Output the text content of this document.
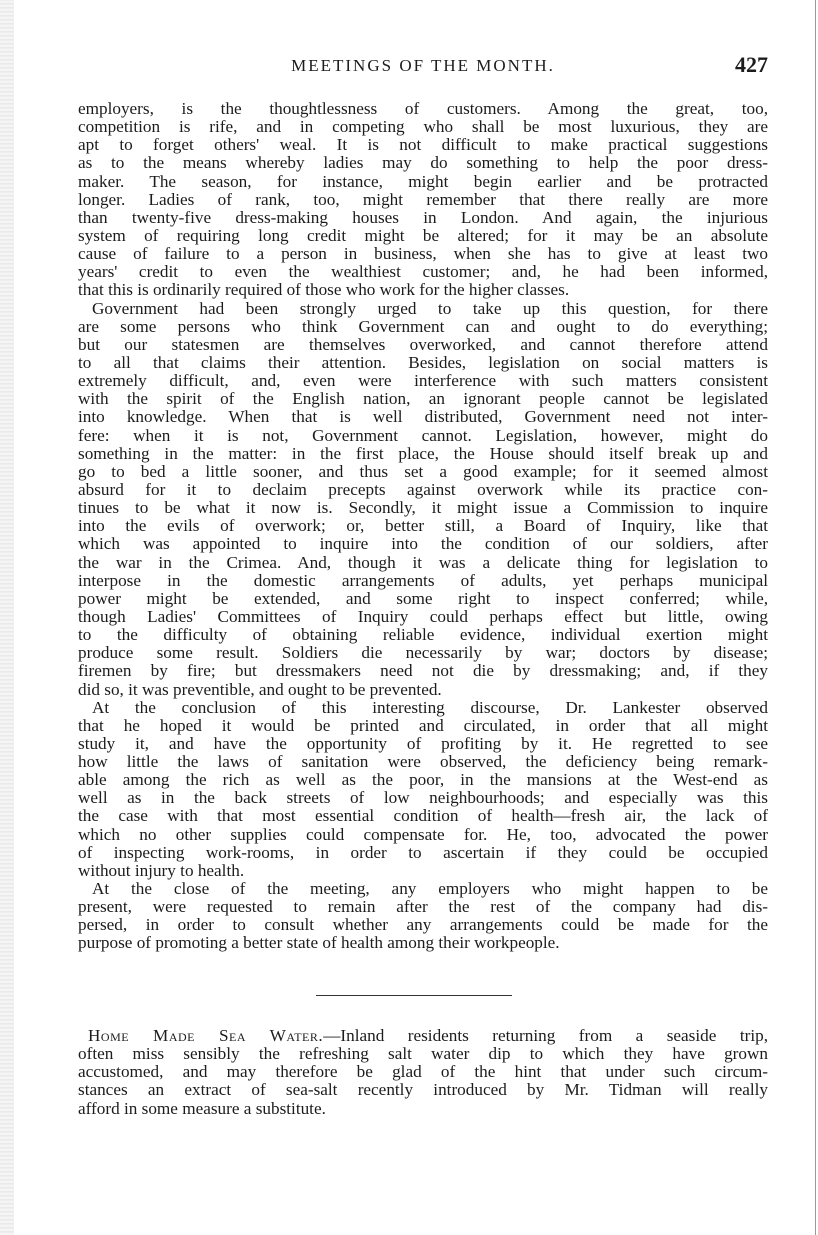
MEETINGS OF THE MONTH.	427
employers, is the thoughtlessness of customers. Among the great, too,
competition is rife, and in competing who shall be most luxurious, they are
apt to forget others' weal. It is not difficult to make practical suggestions
as to the means whereby ladies may do something to help the poor dress-
maker. The season, for instance, might begin earlier and be protracted
longer. Ladies of rank, too, might remember that there really are more
than twenty-five dress-making houses in London. And again, the injurious
system of requiring long credit might be altered; for it may be an absolute
cause of failure to a person in business, when she has to give at least two
years' credit to even the wealthiest customer; and, he had been informed,
that this is ordinarily required of those who work for the higher classes.
Government had been strongly urged to take up this question, for there
are some persons who think Government can and ought to do everything;
but our statesmen are themselves overworked, and cannot therefore attend
to all that claims their attention. Besides, legislation on social matters is
extremely difficult, and, even were interference with such matters consistent
with the spirit of the English nation, an ignorant people cannot be legislated
into knowledge. When that is well distributed, Government need not inter-
fere: when it is not, Government cannot. Legislation, however, might do
something in the matter: in the first place, the House should itself break up and
go to bed a little sooner, and thus set a good example; for it seemed almost
absurd for it to declaim precepts against overwork while its practice con-
tinues to be what it now is. Secondly, it might issue a Commission to inquire
into the evils of overwork; or, better still, a Board of Inquiry, like that
which was appointed to inquire into the condition of our soldiers, after
the war in the Crimea. And, though it was a delicate thing for legislation to
interpose in the domestic arrangements of adults, yet perhaps municipal
power might be extended, and some right to inspect conferred; while,
though Ladies' Committees of Inquiry could perhaps effect but little, owing
to the difficulty of obtaining reliable evidence, individual exertion might
produce some result. Soldiers die necessarily by war; doctors by disease;
firemen by fire; but dressmakers need not die by dressmaking; and, if they
did so, it was preventible, and ought to be prevented.
At the conclusion of this interesting discourse, Dr. Lankester observed
that he hoped it would be printed and circulated, in order that all might
study it, and have the opportunity of profiting by it. He regretted to see
how little the laws of sanitation were observed, the deficiency being remark-
able among the rich as well as the poor, in the mansions at the West-end as
well as in the back streets of low neighbourhoods; and especially was this
the case with that most essential condition of health—fresh air, the lack of
which no other supplies could compensate for. He, too, advocated the power
of inspecting work-rooms, in order to ascertain if they could be occupied
without injury to health.
At the close of the meeting, any employers who might happen to be
present, were requested to remain after the rest of the company had dis-
persed, in order to consult whether any arrangements could be made for the
purpose of promoting a better state of health among their workpeople.
Home Made Sea Water.—Inland residents returning from a seaside trip,
often miss sensibly the refreshing salt water dip to which they have grown
accustomed, and may therefore be glad of the hint that under such circum-
stances an extract of sea-salt recently introduced by Mr. Tidman will really
afford in some measure a substitute.
